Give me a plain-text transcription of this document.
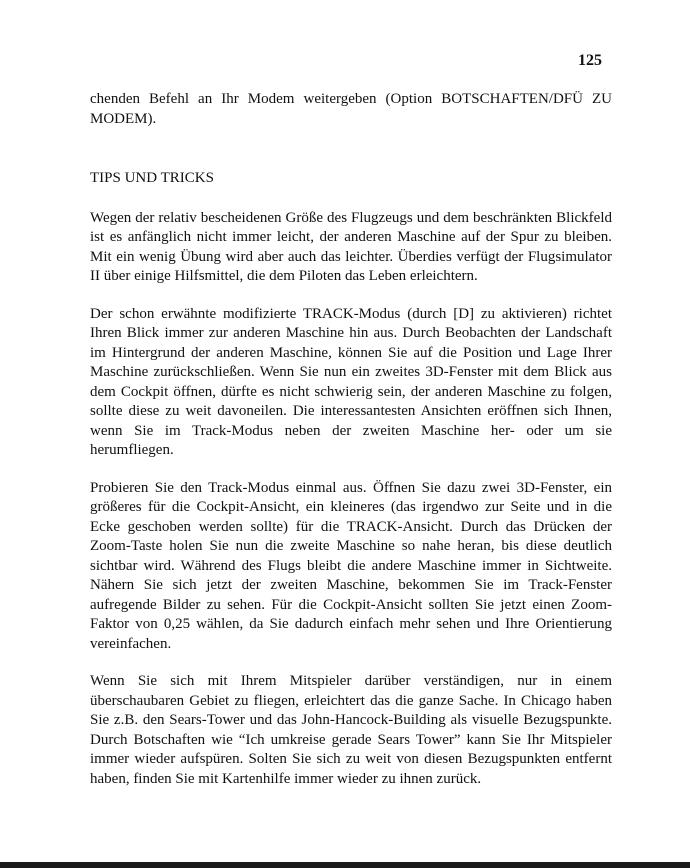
125

chenden Befehl an Ihr Modem weitergeben (Option BOTSCHAFTEN/DFÜ ZU MODEM).

TIPS UND TRICKS

Wegen der relativ bescheidenen Größe des Flugzeugs und dem beschränkten Blickfeld ist es anfänglich nicht immer leicht, der anderen Maschine auf der Spur zu bleiben. Mit ein wenig Übung wird aber auch das leichter. Überdies verfügt der Flugsimulator II über einige Hilfsmittel, die dem Piloten das Leben erleichtern.

Der schon erwähnte modifizierte TRACK-Modus (durch [D] zu aktivieren) richtet Ihren Blick immer zur anderen Maschine hin aus. Durch Beobachten der Landschaft im Hintergrund der anderen Maschine, können Sie auf die Position und Lage Ihrer Maschine zurückschließen. Wenn Sie nun ein zweites 3D-Fenster mit dem Blick aus dem Cockpit öffnen, dürfte es nicht schwierig sein, der anderen Maschine zu folgen, sollte diese zu weit davoneilen. Die interessantesten Ansichten eröffnen sich Ihnen, wenn Sie im Track-Modus neben der zweiten Maschine her- oder um sie herumfliegen.

Probieren Sie den Track-Modus einmal aus. Öffnen Sie dazu zwei 3D-Fenster, ein größeres für die Cockpit-Ansicht, ein kleineres (das irgendwo zur Seite und in die Ecke geschoben werden sollte) für die TRACK-Ansicht. Durch das Drücken der Zoom-Taste holen Sie nun die zweite Maschine so nahe heran, bis diese deutlich sichtbar wird. Während des Flugs bleibt die andere Maschine immer in Sichtweite. Nähern Sie sich jetzt der zweiten Maschine, bekommen Sie im Track-Fenster aufregende Bilder zu sehen. Für die Cockpit-Ansicht sollten Sie jetzt einen Zoom-Faktor von 0,25 wählen, da Sie dadurch einfach mehr sehen und Ihre Orientierung vereinfachen.

Wenn Sie sich mit Ihrem Mitspieler darüber verständigen, nur in einem überschaubaren Gebiet zu fliegen, erleichtert das die ganze Sache. In Chicago haben Sie z.B. den Sears-Tower und das John-Hancock-Building als visuelle Bezugspunkte. Durch Botschaften wie “Ich umkreise gerade Sears Tower” kann Sie Ihr Mitspieler immer wieder aufspüren. Solten Sie sich zu weit von diesen Bezugspunkten entfernt haben, finden Sie mit Kartenhilfe immer wieder zu ihnen zurück.
